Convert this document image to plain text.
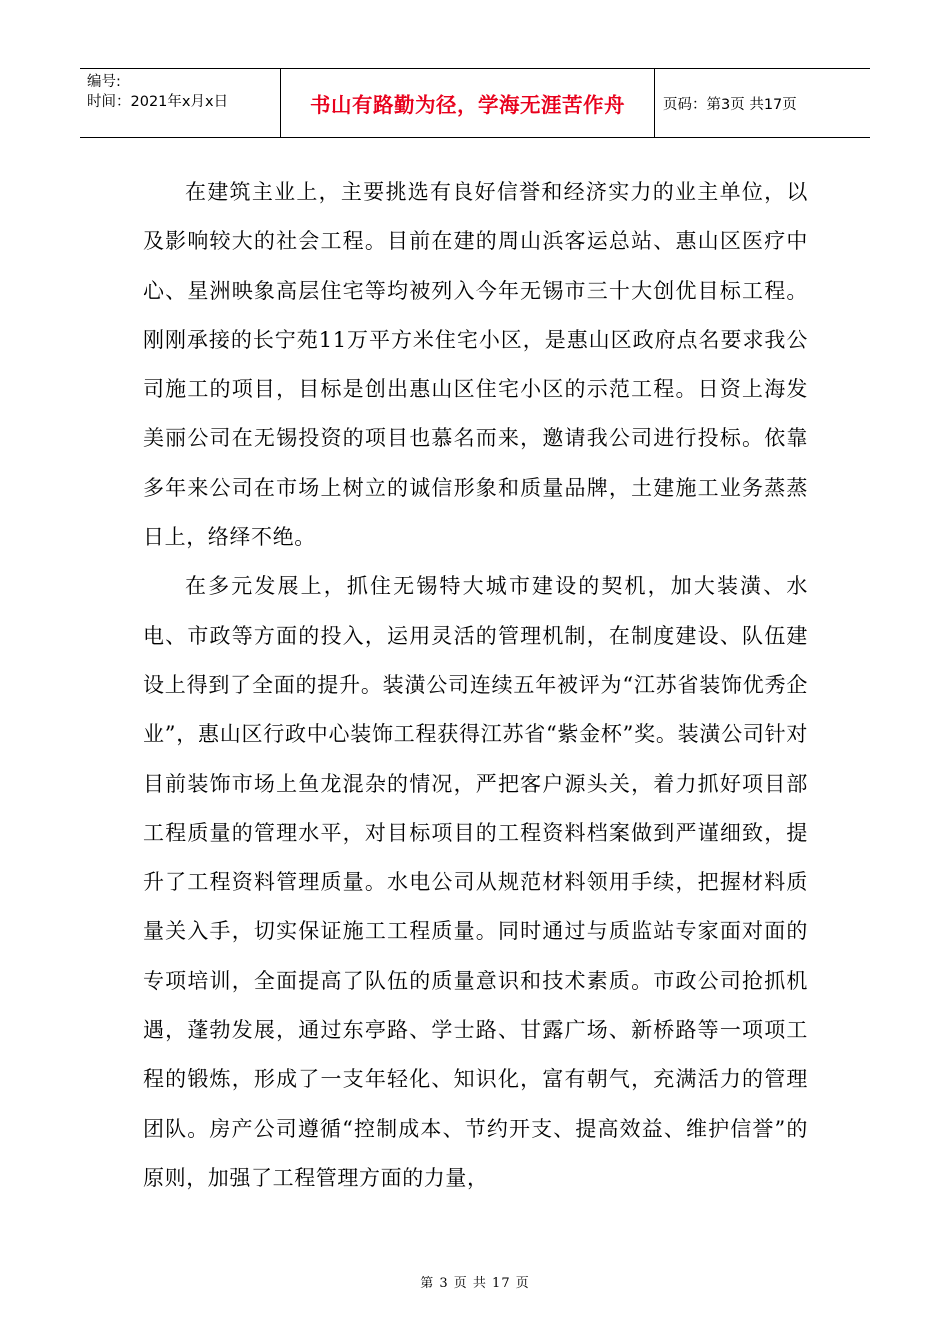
编号:
时间：2021年x月x日	书山有路勤为径，学海无涯苦作舟	页码：第3页 共17页

在建筑主业上，主要挑选有良好信誉和经济实力的业主单位，以及影响较大的社会工程。目前在建的周山浜客运总站、惠山区医疗中心、星洲映象高层住宅等均被列入今年无锡市三十大创优目标工程。刚刚承接的长宁苑11万平方米住宅小区，是惠山区政府点名要求我公司施工的项目，目标是创出惠山区住宅小区的示范工程。日资上海发美丽公司在无锡投资的项目也慕名而来，邀请我公司进行投标。依靠多年来公司在市场上树立的诚信形象和质量品牌，土建施工业务蒸蒸日上，络绎不绝。

在多元发展上，抓住无锡特大城市建设的契机，加大装潢、水电、市政等方面的投入，运用灵活的管理机制，在制度建设、队伍建设上得到了全面的提升。装潢公司连续五年被评为“江苏省装饰优秀企业”，惠山区行政中心装饰工程获得江苏省“紫金杯”奖。装潢公司针对目前装饰市场上鱼龙混杂的情况，严把客户源头关，着力抓好项目部工程质量的管理水平，对目标项目的工程资料档案做到严谨细致，提升了工程资料管理质量。水电公司从规范材料领用手续，把握材料质量关入手，切实保证施工工程质量。同时通过与质监站专家面对面的专项培训，全面提高了队伍的质量意识和技术素质。市政公司抢抓机遇，蓬勃发展，通过东亭路、学士路、甘露广场、新桥路等一项项工程的锻炼，形成了一支年轻化、知识化，富有朝气，充满活力的管理团队。房产公司遵循“控制成本、节约开支、提高效益、维护信誉”的原则，加强了工程管理方面的力量，

第 3 页 共 17 页
